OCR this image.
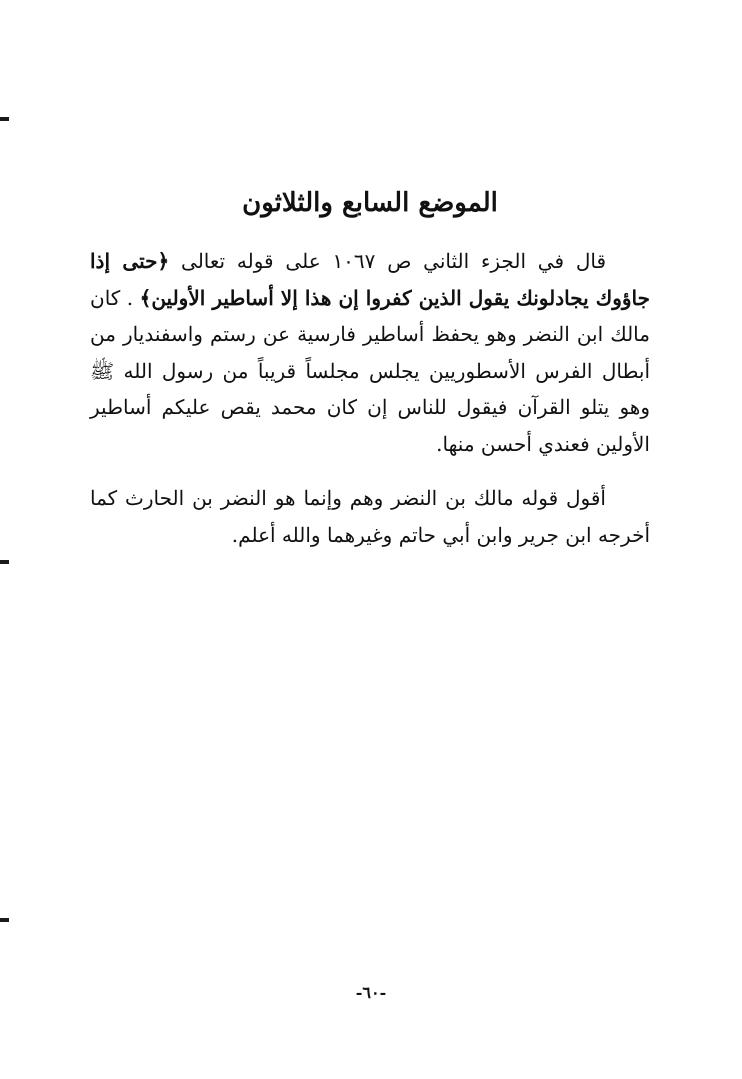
الموضع السابع والثلاثون

قال في الجزء الثاني ص ١٠٦٧ على قوله تعالى ﴿حتى إذا جاؤوك يجادلونك يقول الذين كفروا إن هذا إلا أساطير الأولين﴾ . كان مالك ابن النضر وهو يحفظ أساطير فارسية عن رستم واسفنديار من أبطال الفرس الأسطوريين يجلس مجلساً قريباً من رسول الله ﷺ وهو يتلو القرآن فيقول للناس إن كان محمد يقص عليكم أساطير الأولين فعندي أحسن منها.

أقول قوله مالك بن النضر وهم وإنما هو النضر بن الحارث كما أخرجه ابن جرير وابن أبي حاتم وغيرهما والله أعلم.

-٦٠-
